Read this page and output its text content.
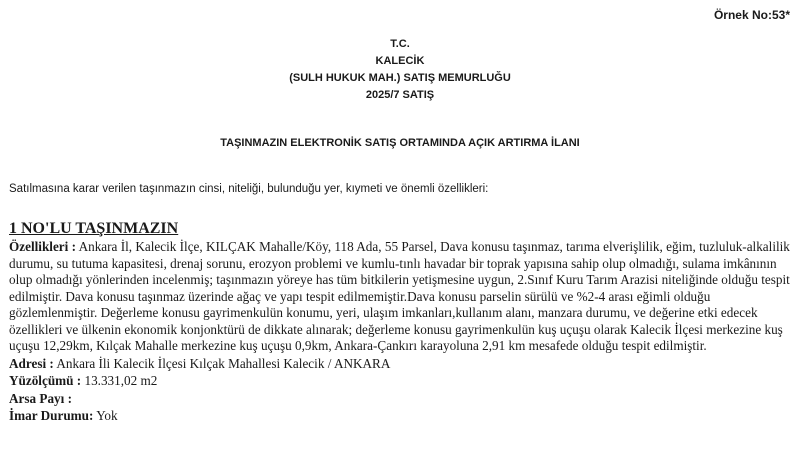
Örnek No:53*
T.C.
KALECİK
(SULH HUKUK MAH.) SATIŞ MEMURLUĞU
2025/7 SATIŞ
TAŞINMAZIN ELEKTRONİK SATIŞ ORTAMINDA AÇIK ARTIRMA İLANI
Satılmasına karar verilen taşınmazın cinsi, niteliği, bulunduğu yer, kıymeti ve önemli özellikleri:
1 NO'LU TAŞINMAZIN

Özellikleri : Ankara İl, Kalecik İlçe, KILÇAK Mahalle/Köy, 118 Ada, 55 Parsel, Dava konusu taşınmaz, tarıma elverişlilik, eğim, tuzluluk-alkalilik durumu, su tutuma kapasitesi, drenaj sorunu, erozyon problemi ve kumlu-tınlı havadar bir toprak yapısına sahip olup olmadığı, sulama imkânının olup olmadığı yönlerinden incelenmiş; taşınmazın yöreye has tüm bitkilerin yetişmesine uygun, 2.Sınıf Kuru Tarım Arazisi niteliğinde olduğu tespit edilmiştir. Dava konusu taşınmaz üzerinde ağaç ve yapı tespit edilmemiştir.Dava konusu parselin sürülü ve %2-4 arası eğimli olduğu gözlemlenmiştir. Değerleme konusu gayrimenkulün konumu, yeri, ulaşım imkanları,kullanım alanı, manzara durumu, ve değerine etki edecek özellikleri ve ülkenin ekonomik konjonktürü de dikkate alınarak; değerleme konusu gayrimenkulün kuş uçuşu olarak Kalecik İlçesi merkezine kuş uçuşu 12,29km, Kılçak Mahalle merkezine kuş uçuşu 0,9km, Ankara-Çankırı karayoluna 2,91 km mesafede olduğu tespit edilmiştir.

Adresi : Ankara İli Kalecik İlçesi Kılçak Mahallesi Kalecik / ANKARA

Yüzölçümü : 13.331,02 m2

Arsa Payı :

İmar Durumu: Yok
